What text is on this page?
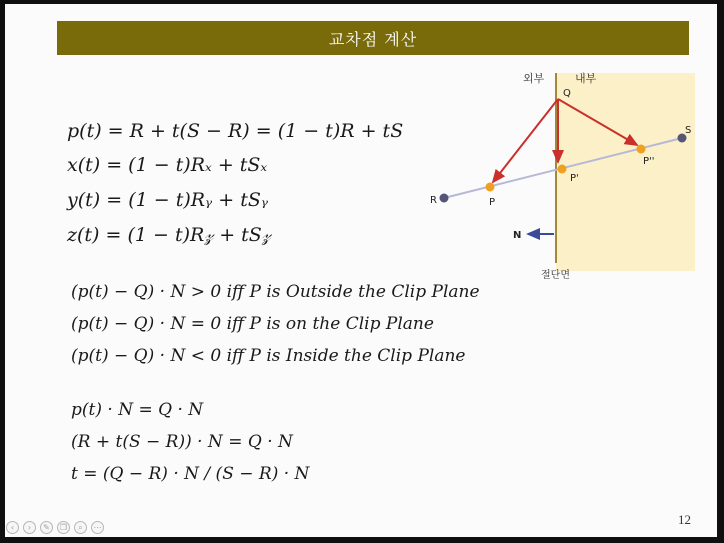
교차점 계산
p(t) = R + t(S − R) = (1 − t)R + tS
x(t) = (1 − t)Rₓ + tSₓ
y(t) = (1 − t)Rᵧ + tSᵧ
z(t) = (1 − t)R𝓏 + tS𝓏
(p(t) − Q) · N > 0 iff P is Outside the Clip Plane
(p(t) − Q) · N = 0 iff P is on the Clip Plane
(p(t) − Q) · N < 0 iff P is Inside the Clip Plane
p(t) · N = Q · N
(R + t(S − R)) · N = Q · N
t = (Q − R) · N / (S − R) · N
외부	내부
절단면
Q
S
R	P
P'
P''
N
12
‹	›	✎	❐	⌕	⋯
